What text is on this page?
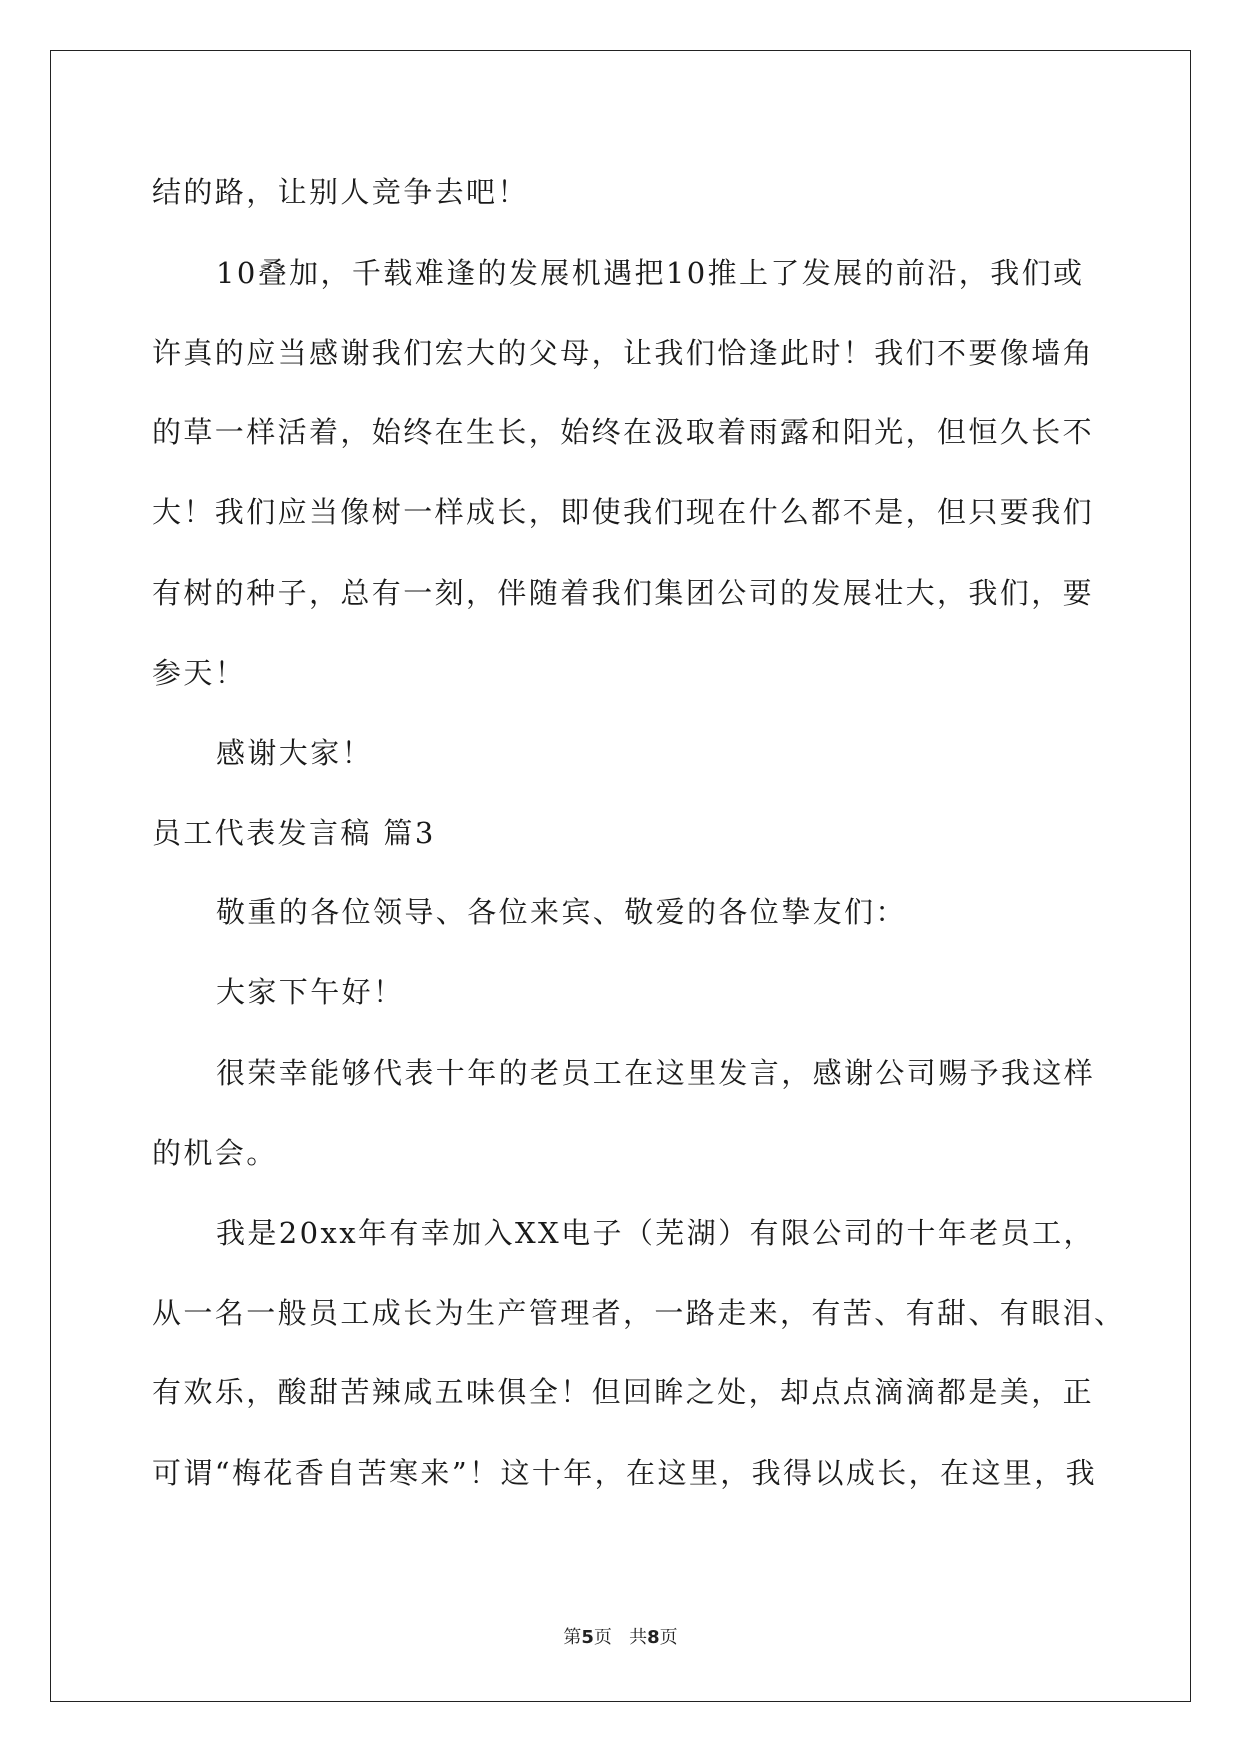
结的路，让别人竞争去吧！

10叠加，千载难逢的发展机遇把10推上了发展的前沿，我们或

许真的应当感谢我们宏大的父母，让我们恰逢此时！我们不要像墙角

的草一样活着，始终在生长，始终在汲取着雨露和阳光，但恒久长不

大！我们应当像树一样成长，即使我们现在什么都不是，但只要我们

有树的种子，总有一刻，伴随着我们集团公司的发展壮大，我们，要

参天！

感谢大家！

员工代表发言稿 篇3

敬重的各位领导、各位来宾、敬爱的各位挚友们：

大家下午好！

很荣幸能够代表十年的老员工在这里发言，感谢公司赐予我这样

的机会。

我是20xx年有幸加入XX电子（芜湖）有限公司的十年老员工，

从一名一般员工成长为生产管理者，一路走来，有苦、有甜、有眼泪、

有欢乐，酸甜苦辣咸五味俱全！但回眸之处，却点点滴滴都是美，正

可谓“梅花香自苦寒来”！这十年，在这里，我得以成长，在这里，我

第5页 共8页
